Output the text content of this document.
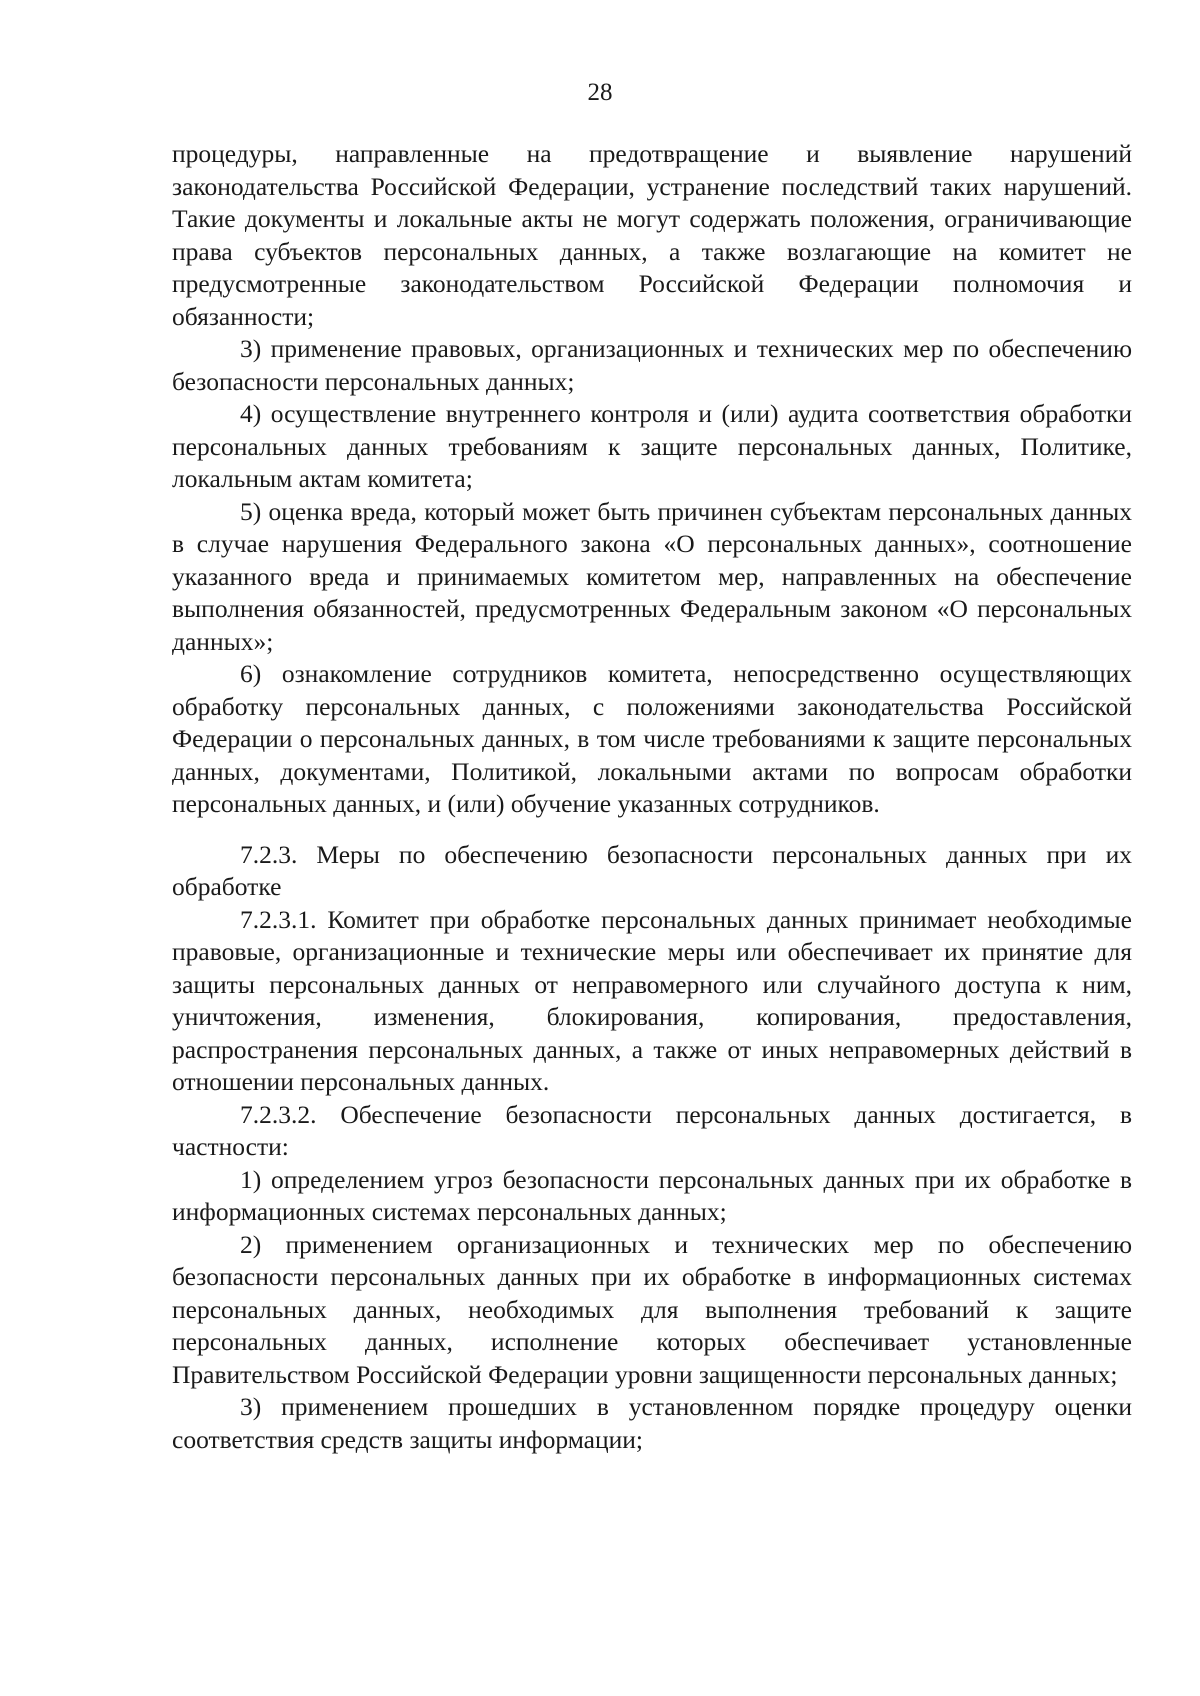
28

процедуры, направленные на предотвращение и выявление нарушений законодательства Российской Федерации, устранение последствий таких нарушений. Такие документы и локальные акты не могут содержать положения, ограничивающие права субъектов персональных данных, а также возлагающие на комитет не предусмотренные законодательством Российской Федерации полномочия и обязанности;

3) применение правовых, организационных и технических мер по обеспечению безопасности персональных данных;

4) осуществление внутреннего контроля и (или) аудита соответствия обработки персональных данных требованиям к защите персональных данных, Политике, локальным актам комитета;

5) оценка вреда, который может быть причинен субъектам персональных данных в случае нарушения Федерального закона «О персональных данных», соотношение указанного вреда и принимаемых комитетом мер, направленных на обеспечение выполнения обязанностей, предусмотренных Федеральным законом «О персональных данных»;

6) ознакомление сотрудников комитета, непосредственно осуществляющих обработку персональных данных, с положениями законодательства Российской Федерации о персональных данных, в том числе требованиями к защите персональных данных, документами, Политикой, локальными актами по вопросам обработки персональных данных, и (или) обучение указанных сотрудников.

7.2.3. Меры по обеспечению безопасности персональных данных при их обработке

7.2.3.1. Комитет при обработке персональных данных принимает необходимые правовые, организационные и технические меры или обеспечивает их принятие для защиты персональных данных от неправомерного или случайного доступа к ним, уничтожения, изменения, блокирования, копирования, предоставления, распространения персональных данных, а также от иных неправомерных действий в отношении персональных данных.

7.2.3.2. Обеспечение безопасности персональных данных достигается, в частности:

1) определением угроз безопасности персональных данных при их обработке в информационных системах персональных данных;

2) применением организационных и технических мер по обеспечению безопасности персональных данных при их обработке в информационных системах персональных данных, необходимых для выполнения требований к защите персональных данных, исполнение которых обеспечивает установленные Правительством Российской Федерации уровни защищенности персональных данных;

3) применением прошедших в установленном порядке процедуру оценки соответствия средств защиты информации;
